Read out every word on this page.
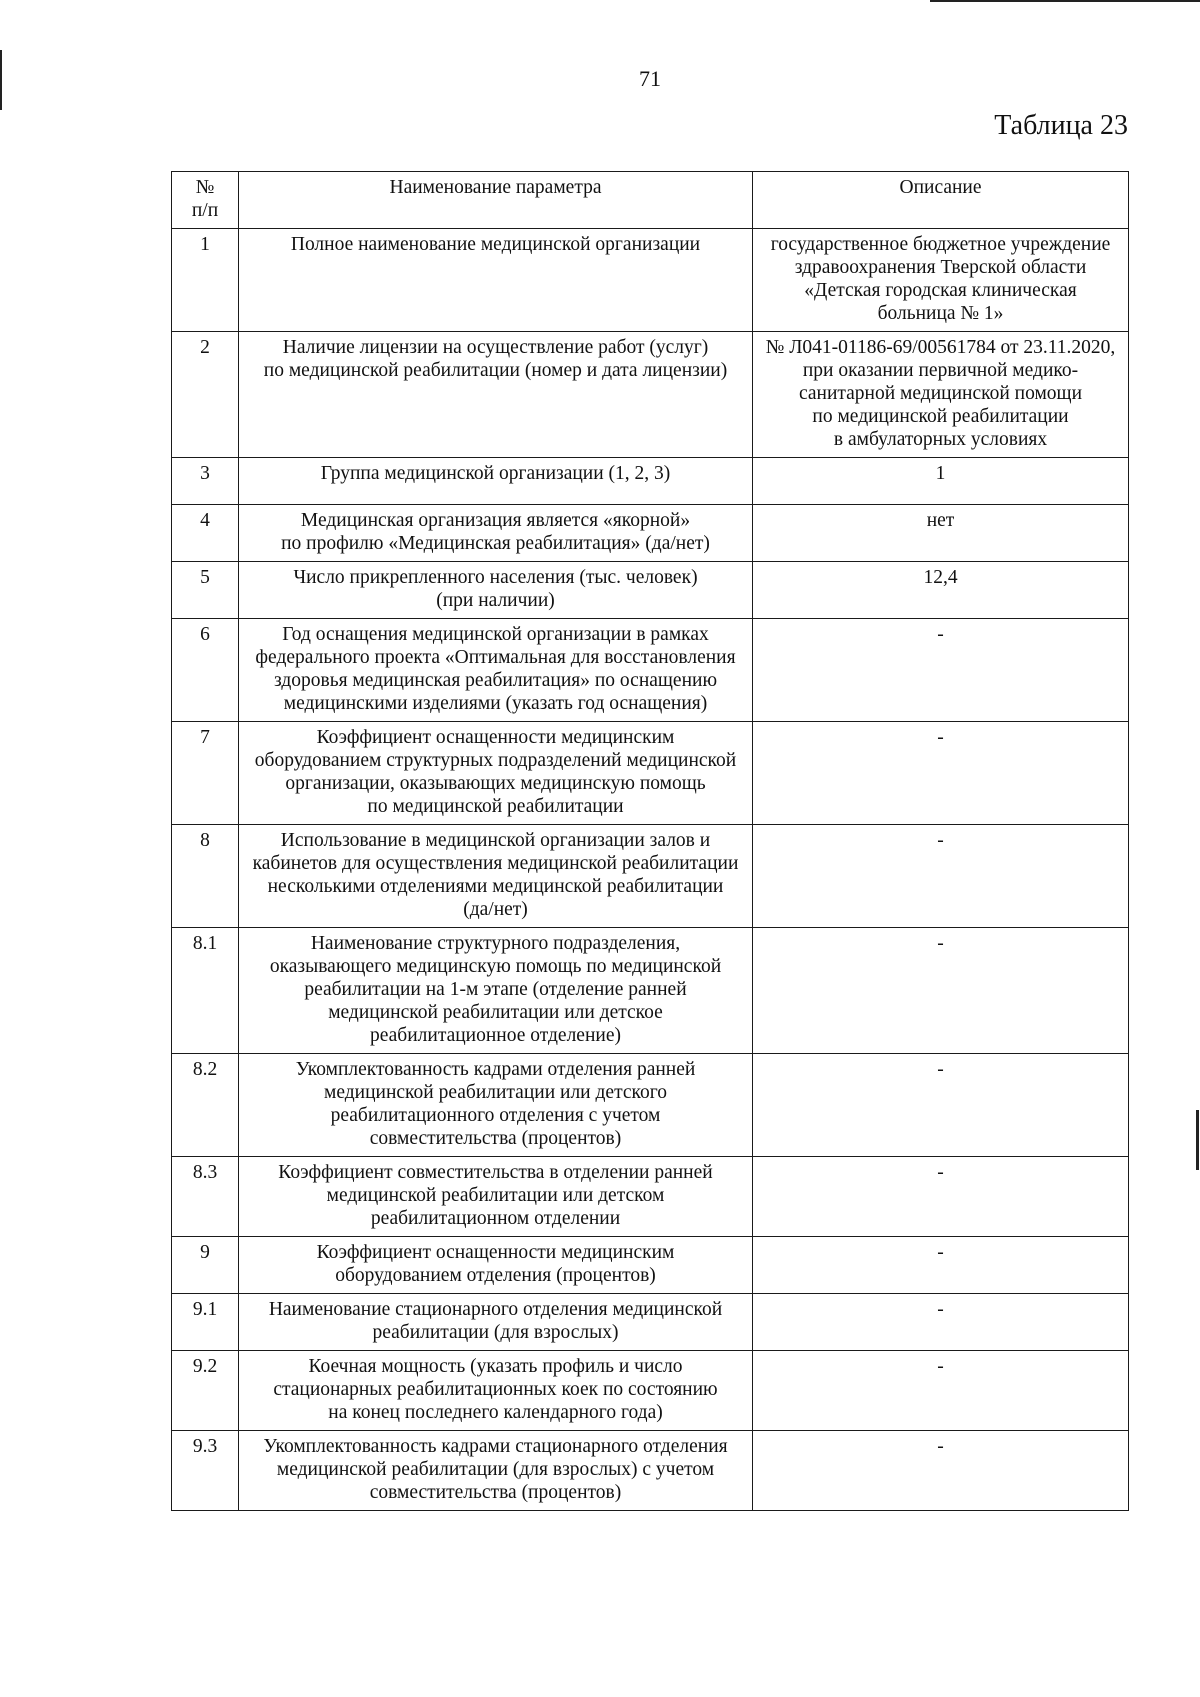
71
Таблица 23
№
п/п	Наименование параметра	Описание
1	Полное наименование медицинской организации	государственное бюджетное учреждение
здравоохранения Тверской области
«Детская городская клиническая
больница № 1»
2	Наличие лицензии на осуществление работ (услуг)
по медицинской реабилитации (номер и дата лицензии)	№ Л041-01186-69/00561784 от 23.11.2020,
при оказании первичной медико-
санитарной медицинской помощи
по медицинской реабилитации
в амбулаторных условиях
3	Группа медицинской организации (1, 2, 3)	1
4	Медицинская организация является «якорной»
по профилю «Медицинская реабилитация» (да/нет)	нет
5	Число прикрепленного населения (тыс. человек)
(при наличии)	12,4
6	Год оснащения медицинской организации в рамках
федерального проекта «Оптимальная для восстановления
здоровья медицинская реабилитация» по оснащению
медицинскими изделиями (указать год оснащения)	-
7	Коэффициент оснащенности медицинским
оборудованием структурных подразделений медицинской
организации, оказывающих медицинскую помощь
по медицинской реабилитации	-
8	Использование в медицинской организации залов и
кабинетов для осуществления медицинской реабилитации
несколькими отделениями медицинской реабилитации
(да/нет)	-
8.1	Наименование структурного подразделения,
оказывающего медицинскую помощь по медицинской
реабилитации на 1-м этапе (отделение ранней
медицинской реабилитации или детское
реабилитационное отделение)	-
8.2	Укомплектованность кадрами отделения ранней
медицинской реабилитации или детского
реабилитационного отделения с учетом
совместительства (процентов)	-
8.3	Коэффициент совместительства в отделении ранней
медицинской реабилитации или детском
реабилитационном отделении	-
9	Коэффициент оснащенности медицинским
оборудованием отделения (процентов)	-
9.1	Наименование стационарного отделения медицинской
реабилитации (для взрослых)	-
9.2	Коечная мощность (указать профиль и число
стационарных реабилитационных коек по состоянию
на конец последнего календарного года)	-
9.3	Укомплектованность кадрами стационарного отделения
медицинской реабилитации (для взрослых) с учетом
совместительства (процентов)	-
